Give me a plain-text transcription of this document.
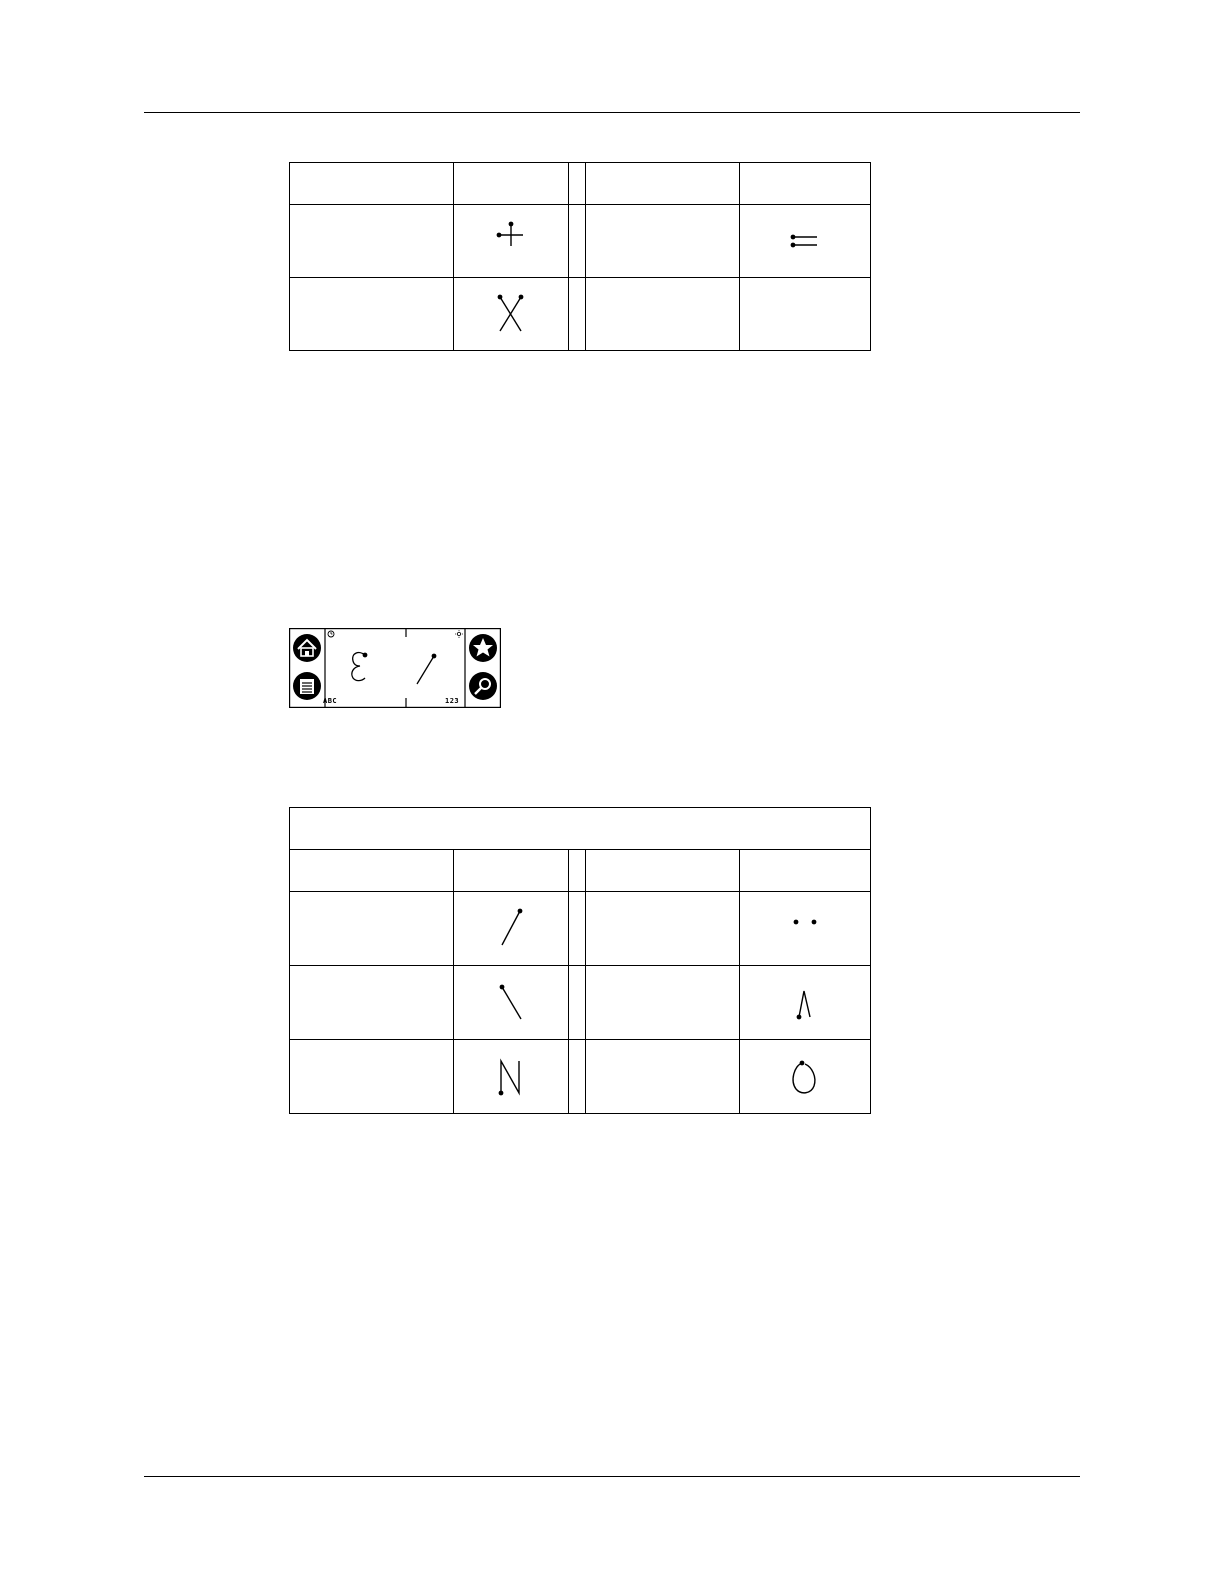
ABC	123
